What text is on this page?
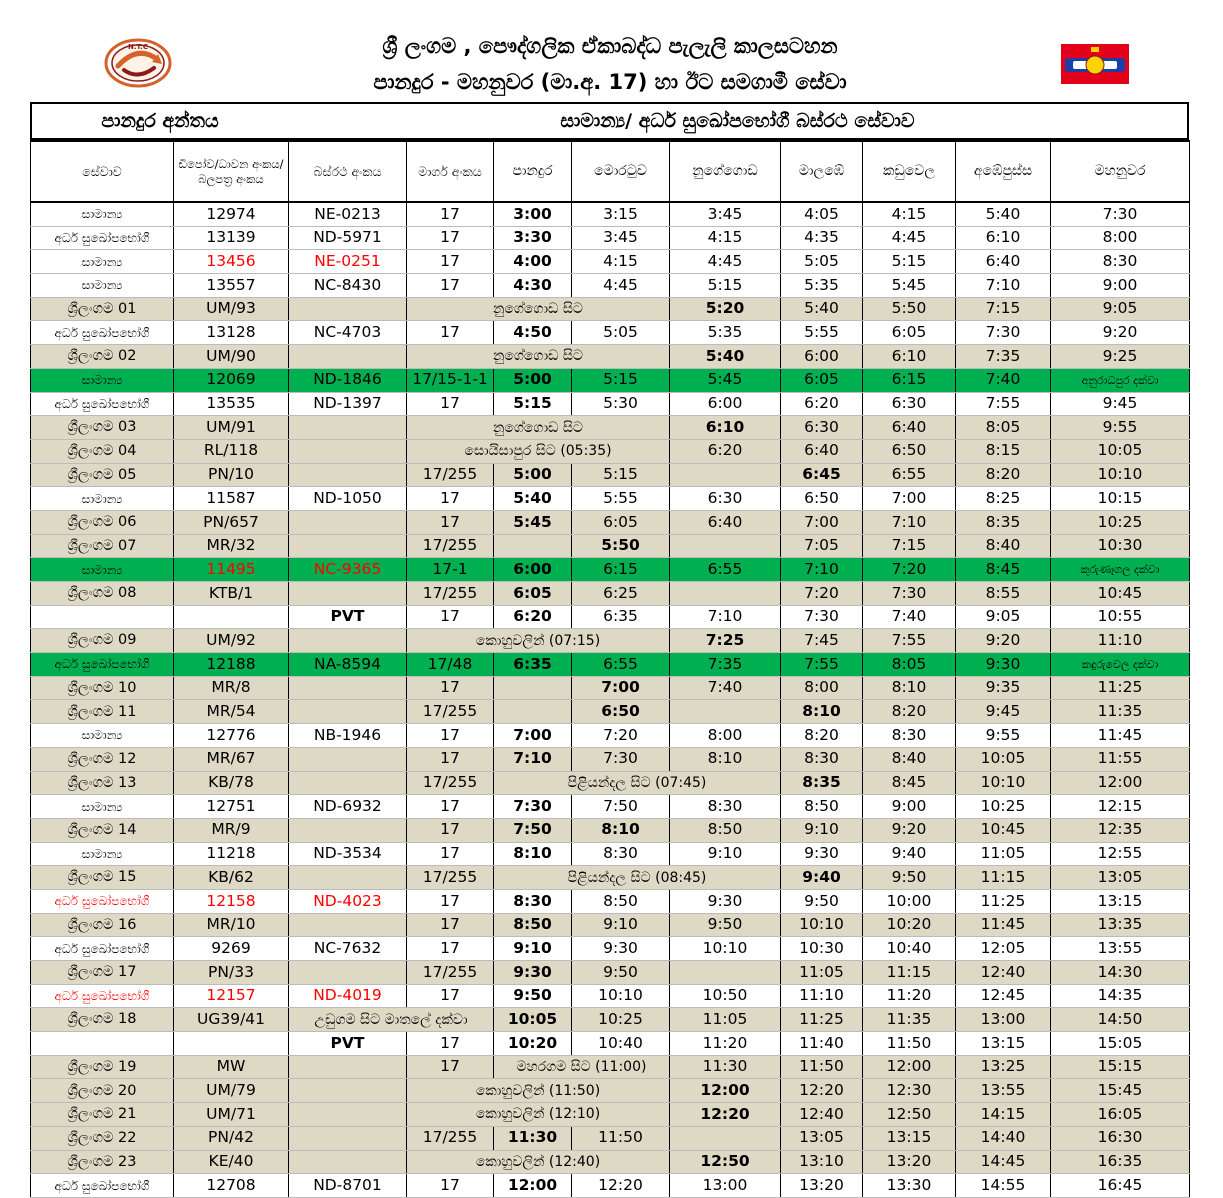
N.T.C	ශ්‍රී ලංගම , පෞද්ගලික ඒකාබද්ධ පැලැලි කාලසටහන
පානදුර - මහනුවර (මා.අ. 17) හා ඊට සමගාමී සේවා
පානදුර අන්තය	සාමාන්‍ය/ අර්ධ සුඛෝපභෝගී බස්රථ සේවාව
සේවාව	ඩිපෝව/ධාවන අංකය/ බලපත්‍ර අංකය	බස්රථ අංකය	මාර්ග අංකය	පානදුර	මොරටුව	නුගේගොඩ	මාලඹේ	කඩුවෙල	අඹේපුස්ස	මහනුවර
සාමාන්‍ය	12974	NE-0213	17	3:00	3:15	3:45	4:05	4:15	5:40	7:30
අර්ධ සුඛෝපභෝගී	13139	ND-5971	17	3:30	3:45	4:15	4:35	4:45	6:10	8:00
සාමාන්‍ය	13456	NE-0251	17	4:00	4:15	4:45	5:05	5:15	6:40	8:30
සාමාන්‍ය	13557	NC-8430	17	4:30	4:45	5:15	5:35	5:45	7:10	9:00
ශ්‍රීලංගම 01	UM/93		නුගේගොඩ සිට			5:20	5:40	5:50	7:15	9:05
අර්ධ සුඛෝපභෝගී	13128	NC-4703	17	4:50	5:05	5:35	5:55	6:05	7:30	9:20
ශ්‍රීලංගම 02	UM/90		නුගේගොඩ සිට			5:40	6:00	6:10	7:35	9:25
සාමාන්‍ය	12069	ND-1846	17/15-1-1	5:00	5:15	5:45	6:05	6:15	7:40	අනුරාධපුර දක්වා
අර්ධ සුඛෝපභෝගී	13535	ND-1397	17	5:15	5:30	6:00	6:20	6:30	7:55	9:45
ශ්‍රීලංගම 03	UM/91		නුගේගොඩ සිට			6:10	6:30	6:40	8:05	9:55
ශ්‍රීලංගම 04	RL/118		සොයිසාපුර සිට (05:35)			6:20	6:40	6:50	8:15	10:05
ශ්‍රීලංගම 05	PN/10		17/255	5:00	5:15		6:45	6:55	8:20	10:10
සාමාන්‍ය	11587	ND-1050	17	5:40	5:55	6:30	6:50	7:00	8:25	10:15
ශ්‍රීලංගම 06	PN/657		17	5:45	6:05	6:40	7:00	7:10	8:35	10:25
ශ්‍රීලංගම 07	MR/32		17/255		5:50		7:05	7:15	8:40	10:30
සාමාන්‍ය	11495	NC-9365	17-1	6:00	6:15	6:55	7:10	7:20	8:45	කුරුණෑගල දක්වා
ශ්‍රීලංගම 08	KTB/1		17/255	6:05	6:25		7:20	7:30	8:55	10:45
		PVT	17	6:20	6:35	7:10	7:30	7:40	9:05	10:55
ශ්‍රීලංගම 09	UM/92		කොහුවලින් (07:15)			7:25	7:45	7:55	9:20	11:10
අර්ධ සුඛෝපභෝගී	12188	NA-8594	17/48	6:35	6:55	7:35	7:55	8:05	9:30	කඳුරුවෙල දක්වා
ශ්‍රීලංගම 10	MR/8		17		7:00	7:40	8:00	8:10	9:35	11:25
ශ්‍රීලංගම 11	MR/54		17/255		6:50		8:10	8:20	9:45	11:35
සාමාන්‍ය	12776	NB-1946	17	7:00	7:20	8:00	8:20	8:30	9:55	11:45
ශ්‍රීලංගම 12	MR/67		17	7:10	7:30	8:10	8:30	8:40	10:05	11:55
ශ්‍රීලංගම 13	KB/78		17/255	පිළියන්දල සිට (07:45)			8:35	8:45	10:10	12:00
සාමාන්‍ය	12751	ND-6932	17	7:30	7:50	8:30	8:50	9:00	10:25	12:15
ශ්‍රීලංගම 14	MR/9		17	7:50	8:10	8:50	9:10	9:20	10:45	12:35
සාමාන්‍ය	11218	ND-3534	17	8:10	8:30	9:10	9:30	9:40	11:05	12:55
ශ්‍රීලංගම 15	KB/62		17/255	පිළියන්දල සිට (08:45)			9:40	9:50	11:15	13:05
අර්ධ සුඛෝපභෝගී	12158	ND-4023	17	8:30	8:50	9:30	9:50	10:00	11:25	13:15
ශ්‍රීලංගම 16	MR/10		17	8:50	9:10	9:50	10:10	10:20	11:45	13:35
අර්ධ සුඛෝපභෝගී	9269	NC-7632	17	9:10	9:30	10:10	10:30	10:40	12:05	13:55
ශ්‍රීලංගම 17	PN/33		17/255	9:30	9:50		11:05	11:15	12:40	14:30
අර්ධ සුඛෝපභෝගී	12157	ND-4019	17	9:50	10:10	10:50	11:10	11:20	12:45	14:35
ශ්‍රීලංගම 18	UG39/41	උඩුගම සිට මාතලේ දක්වා		10:05	10:25	11:05	11:25	11:35	13:00	14:50
		PVT	17	10:20	10:40	11:20	11:40	11:50	13:15	15:05
ශ්‍රීලංගම 19	MW		17	මහරගම සිට (11:00)		11:30	11:50	12:00	13:25	15:15
ශ්‍රීලංගම 20	UM/79		කොහුවලින් (11:50)			12:00	12:20	12:30	13:55	15:45
ශ්‍රීලංගම 21	UM/71		කොහුවලින් (12:10)			12:20	12:40	12:50	14:15	16:05
ශ්‍රීලංගම 22	PN/42		17/255	11:30	11:50		13:05	13:15	14:40	16:30
ශ්‍රීලංගම 23	KE/40		කොහුවලින් (12:40)			12:50	13:10	13:20	14:45	16:35
අර්ධ සුඛෝපභෝගී	12708	ND-8701	17	12:00	12:20	13:00	13:20	13:30	14:55	16:45
